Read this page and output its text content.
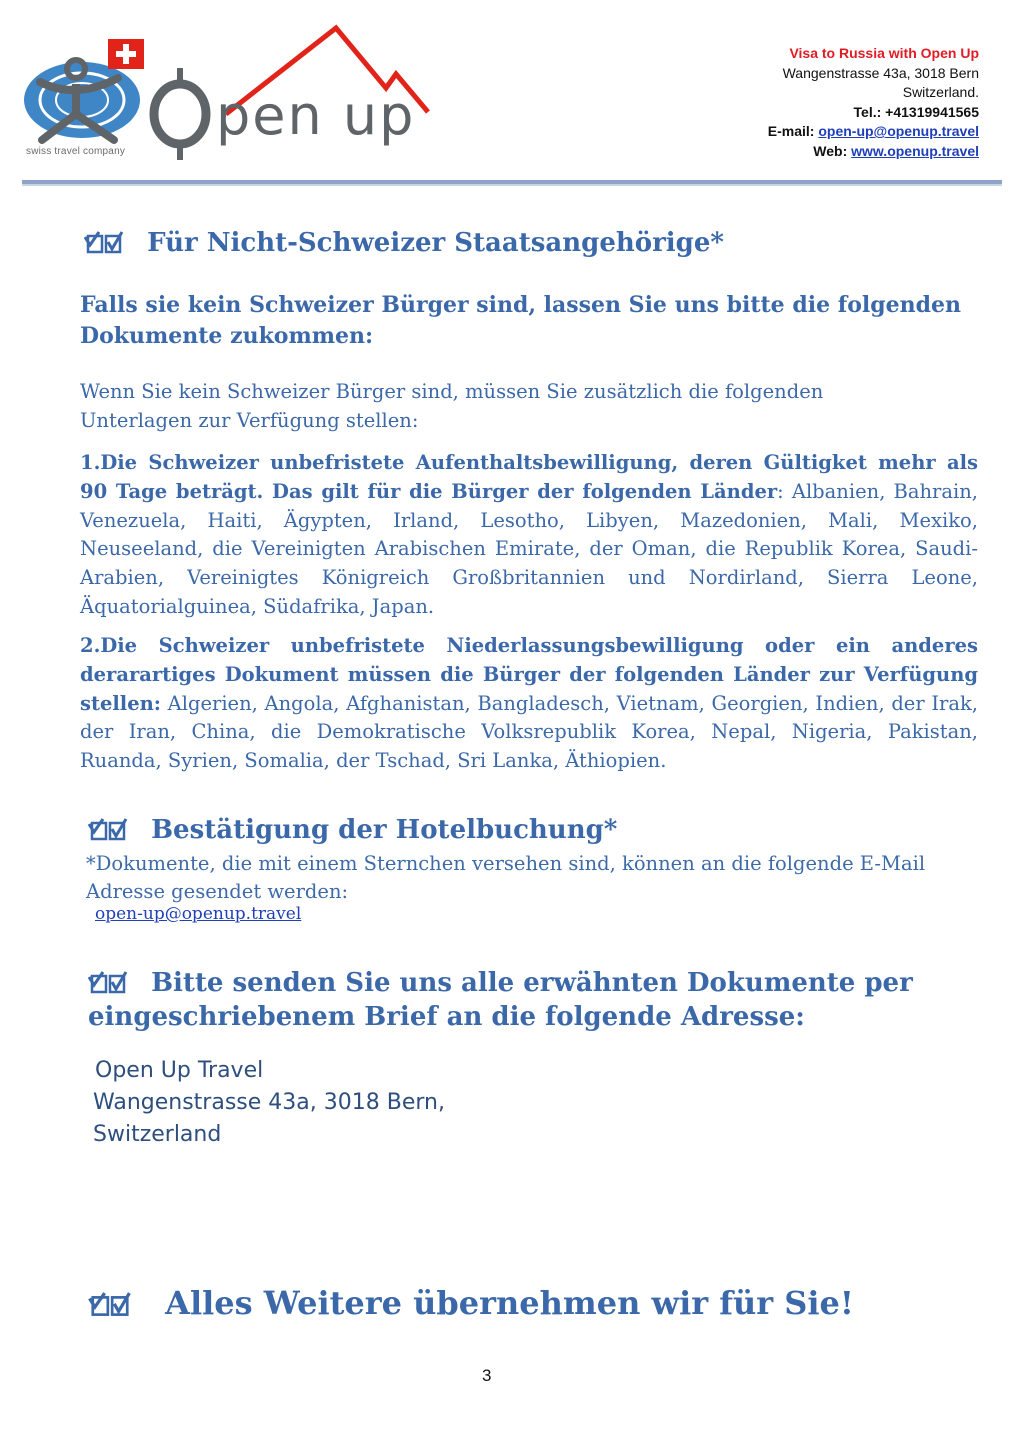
pen up
swiss travel company
Visa to Russia with Open Up
Wangenstrasse 43a, 3018 Bern
Switzerland.
Tel.: +41319941565
E-mail: open-up@openup.travel
Web: www.openup.travel
Für Nicht-Schweizer Staatsangehörige*
Falls sie kein Schweizer Bürger sind, lassen Sie uns bitte die folgenden Dokumente zukommen:
Wenn Sie kein Schweizer Bürger sind, müssen Sie zusätzlich die folgenden Unterlagen zur Verfügung stellen:
1.Die Schweizer unbefristete Aufenthaltsbewilligung, deren Gültigket mehr als 90 Tage beträgt. Das gilt für die Bürger der folgenden Länder: Albanien, Bahrain, Venezuela, Haiti, Ägypten, Irland, Lesotho, Libyen, Mazedonien, Mali, Mexiko, Neuseeland, die Vereinigten Arabischen Emirate, der Oman, die Republik Korea, Saudi-Arabien, Vereinigtes Königreich Großbritannien und Nordirland, Sierra Leone, Äquatorialguinea, Südafrika, Japan.
2.Die Schweizer unbefristete Niederlassungsbewilligung oder ein anderes derarartiges Dokument müssen die Bürger der folgenden Länder zur Verfügung stellen: Algerien, Angola, Afghanistan, Bangladesch, Vietnam, Georgien, Indien, der Irak, der Iran, China, die Demokratische Volksrepublik Korea, Nepal, Nigeria, Pakistan, Ruanda, Syrien, Somalia, der Tschad, Sri Lanka, Äthiopien.
Bestätigung der Hotelbuchung*
*Dokumente, die mit einem Sternchen versehen sind, können an die folgende E-Mail Adresse gesendet werden:
open-up@openup.travel
Bitte senden Sie uns alle erwähnten Dokumente per eingeschriebenem Brief an die folgende Adresse:
Open Up Travel
Wangenstrasse 43a, 3018 Bern,
Switzerland
Alles Weitere übernehmen wir für Sie!
3
